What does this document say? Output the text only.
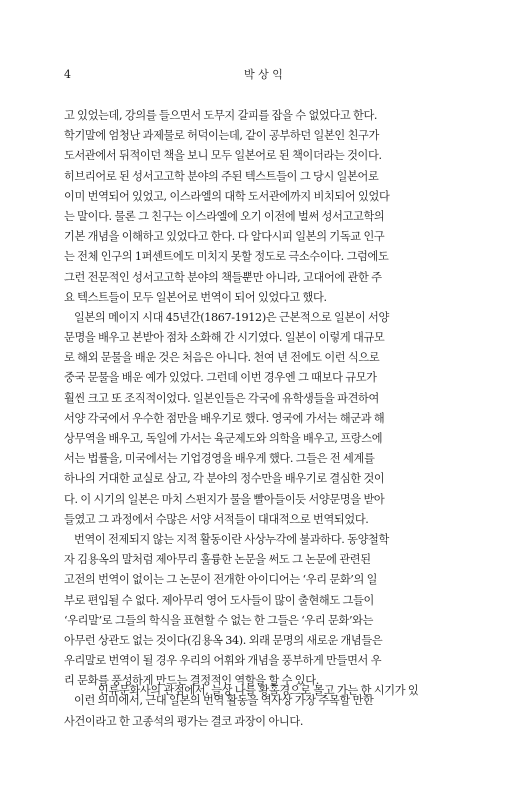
4	박 상 익
고 있었는데, 강의를 들으면서 도무지 갈피를 잡을 수 없었다고 한다.
학기말에 엄청난 과제물로 허덕이는데, 같이 공부하던 일본인 친구가
도서관에서 뒤적이던 책을 보니 모두 일본어로 된 책이더라는 것이다.
히브리어로 된 성서고고학 분야의 주된 텍스트들이 그 당시 일본어로
이미 번역되어 있었고, 이스라엘의 대학 도서관에까지 비치되어 있었다
는 말이다. 물론 그 친구는 이스라엘에 오기 이전에 벌써 성서고고학의
기본 개념을 이해하고 있었다고 한다. 다 알다시피 일본의 기독교 인구
는 전체 인구의 1퍼센트에도 미치지 못할 정도로 극소수이다. 그럼에도
그런 전문적인 성서고고학 분야의 책들뿐만 아니라, 고대어에 관한 주
요 텍스트들이 모두 일본어로 번역이 되어 있었다고 했다.
일본의 메이지 시대 45년간(1867-1912)은 근본적으로 일본이 서양
문명을 배우고 본받아 점차 소화해 간 시기였다. 일본이 이렇게 대규모
로 해외 문물을 배운 것은 처음은 아니다. 천여 년 전에도 이런 식으로
중국 문물을 배운 예가 있었다. 그런데 이번 경우엔 그 때보다 규모가
훨씬 크고 또 조직적이었다. 일본인들은 각국에 유학생들을 파견하여
서양 각국에서 우수한 점만을 배우기로 했다. 영국에 가서는 해군과 해
상무역을 배우고, 독일에 가서는 육군제도와 의학을 배우고, 프랑스에
서는 법률을, 미국에서는 기업경영을 배우게 했다. 그들은 전 세계를
하나의 거대한 교실로 삼고, 각 분야의 정수만을 배우기로 결심한 것이
다. 이 시기의 일본은 마치 스펀지가 물을 빨아들이듯 서양문명을 받아
들였고 그 과정에서 수많은 서양 서적들이 대대적으로 번역되었다.
번역이 전제되지 않는 지적 활동이란 사상누각에 불과하다. 동양철학
자 김용옥의 말처럼 제아무리 훌륭한 논문을 써도 그 논문에 관련된
고전의 번역이 없이는 그 논문이 전개한 아이디어는 ‘우리 문화’의 일
부로 편입될 수 없다. 제아무리 영어 도사들이 많이 출현해도 그들이
‘우리말’로 그들의 학식을 표현할 수 없는 한 그들은 ‘우리 문화’와는
아무런 상관도 없는 것이다(김용옥 34). 외래 문명의 새로운 개념들은
우리말로 번역이 될 경우 우리의 어휘와 개념을 풍부하게 만들면서 우
리 문화를 풍성하게 만드는 결정적인 역할을 할 수 있다.
이런 의미에서, 근대 일본의 번역 활동을 역사상 가장 주목할 만한
사건이라고 한 고종석의 평가는 결코 과장이 아니다.
인류문화사의 관점에서, 늘상 나를 황홀경으로 몰고 가는 한 시기가 있
